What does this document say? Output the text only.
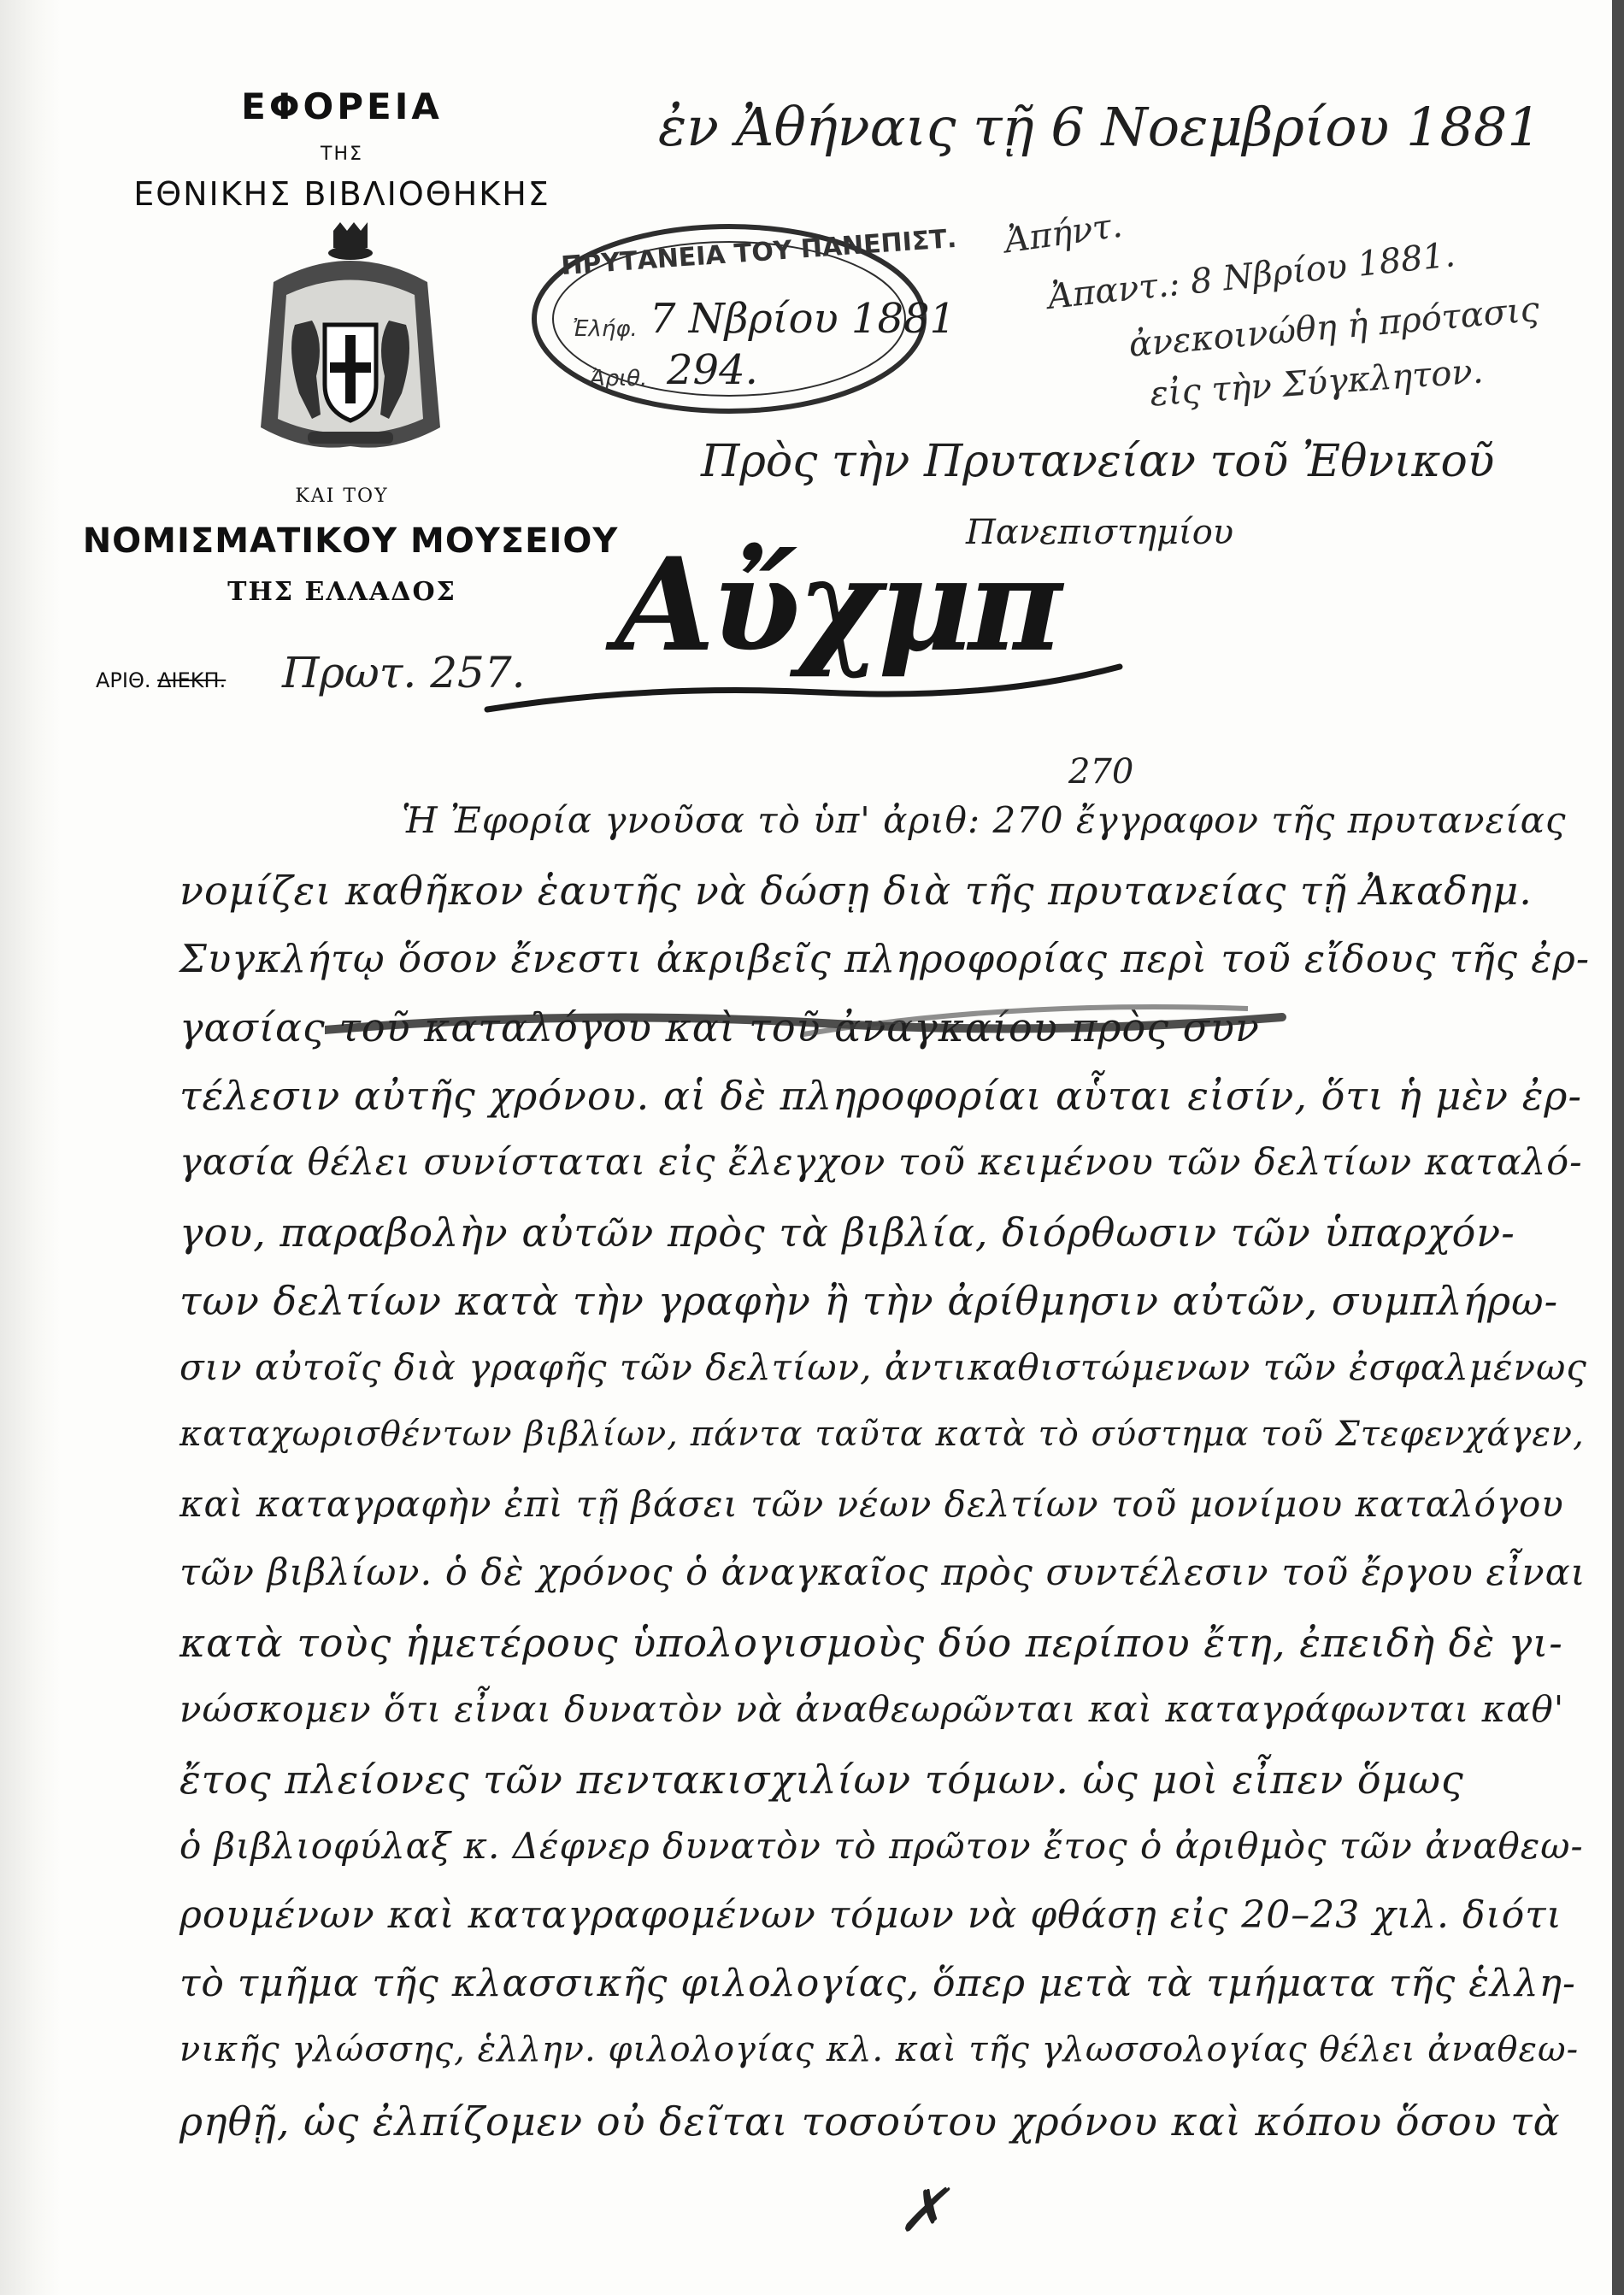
ΕΦΟΡΕΙΑ
ΤΗΣ
ΕΘΝΙΚΗΣ ΒΙΒΛΙΟΘΗΚΗΣ
ΚΑΙ ΤΟΥ
ΝΟΜΙΣΜΑΤΙΚΟΥ ΜΟΥΣΕΙΟΥ
ΤΗΣ ΕΛΛΑΔΟΣ
ΑΡΙΘ. ΔΙΕΚΠ. Πρωτ. 257.
ἐν Ἀθήναις τῇ 6 Νοεμβρίου 1881
ΠΡΥΤΑΝΕΙΑ ΤΟΥ ΠΑΝΕΠΙΣΤ.
Ἐλήφ. 7 Νβρίου 1881
Ἀριθ. 294.
Ἀπήντ.
Ἀπαντ.: 8 Νβρίου 1881.
ἀνεκοινώθη ἡ πρότασις
εἰς τὴν Σύγκλητον.
Πρὸς τὴν Πρυτανείαν τοῦ Ἐθνικοῦ
Πανεπιστημίου
Αὔχμπ
270
Ἡ Ἐφορία γνοῦσα τὸ ὑπ' ἀριθ: 270 ἔγγραφον τῆς πρυτανείας
νομίζει καθῆκον ἑαυτῆς νὰ δώσῃ διὰ τῆς πρυτανείας τῇ Ἀκαδημ.
Συγκλήτῳ ὅσον ἔνεστι ἀκριβεῖς πληροφορίας περὶ τοῦ εἴδους τῆς ἐρ-
γασίας τοῦ καταλόγου καὶ τοῦ ἀναγκαίου πρὸς συν
τέλεσιν αὐτῆς χρόνου. αἱ δὲ πληροφορίαι αὗται εἰσίν, ὅτι ἡ μὲν ἐρ-
γασία θέλει συνίσταται εἰς ἔλεγχον τοῦ κειμένου τῶν δελτίων καταλό-
γου, παραβολὴν αὐτῶν πρὸς τὰ βιβλία, διόρθωσιν τῶν ὑπαρχόν-
των δελτίων κατὰ τὴν γραφὴν ἢ τὴν ἀρίθμησιν αὐτῶν, συμπλήρω-
σιν αὐτοῖς διὰ γραφῆς τῶν δελτίων, ἀντικαθιστώμενων τῶν ἐσφαλμένως
καταχωρισθέντων βιβλίων, πάντα ταῦτα κατὰ τὸ σύστημα τοῦ Στεφενχάγεν,
καὶ καταγραφὴν ἐπὶ τῇ βάσει τῶν νέων δελτίων τοῦ μονίμου καταλόγου
τῶν βιβλίων. ὁ δὲ χρόνος ὁ ἀναγκαῖος πρὸς συντέλεσιν τοῦ ἔργου εἶναι
κατὰ τοὺς ἡμετέρους ὑπολογισμοὺς δύο περίπου ἔτη, ἐπειδὴ δὲ γι-
νώσκομεν ὅτι εἶναι δυνατὸν νὰ ἀναθεωρῶνται καὶ καταγράφωνται καθ'
ἔτος πλείονες τῶν πεντακισχιλίων τόμων. ὡς μοὶ εἶπεν ὅμως
ὁ βιβλιοφύλαξ κ. Δέφνερ δυνατὸν τὸ πρῶτον ἔτος ὁ ἀριθμὸς τῶν ἀναθεω-
ρουμένων καὶ καταγραφομένων τόμων νὰ φθάσῃ εἰς 20–23 χιλ. διότι
τὸ τμῆμα τῆς κλασσικῆς φιλολογίας, ὅπερ μετὰ τὰ τμήματα τῆς ἑλλη-
νικῆς γλώσσης, ἑλλην. φιλολογίας κλ. καὶ τῆς γλωσσολογίας θέλει ἀναθεω-
ρηθῇ, ὡς ἐλπίζομεν οὐ δεῖται τοσούτου χρόνου καὶ κόπου ὅσου τὰ
✗
